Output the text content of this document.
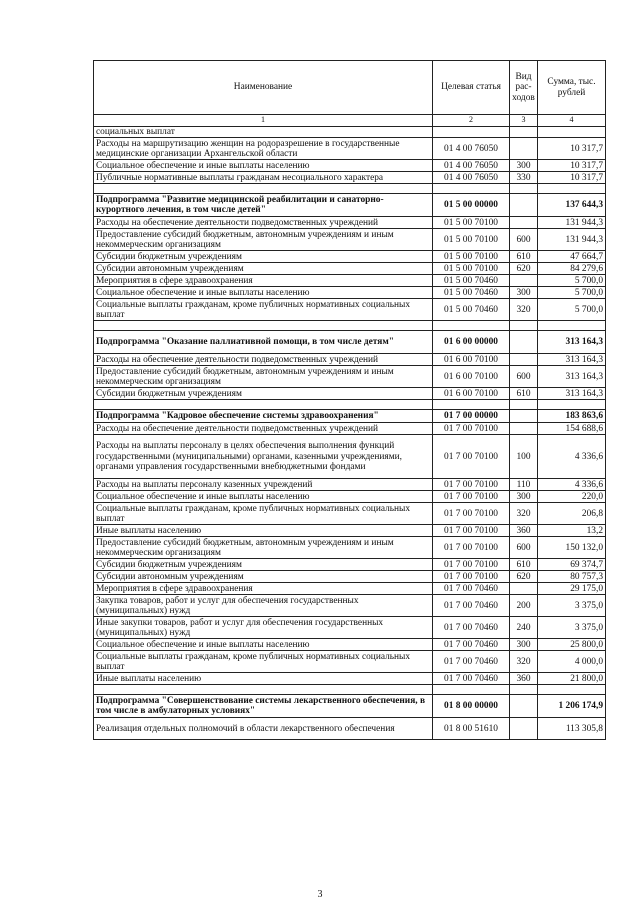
Наименование	Целевая статья	Вид рас-ходов	Сумма, тыс. рублей
1	2	3	4
социальных выплат			
Расходы на маршрутизацию женщин на родоразрешение в государственные медицинские организации Архангельской области	01 4 00 76050		10 317,7
Социальное обеспечение и иные выплаты населению	01 4 00 76050	300	10 317,7
Публичные нормативные выплаты гражданам несоциального характера	01 4 00 76050	330	10 317,7

Подпрограмма "Развитие медицинской реабилитации и санаторно-курортного лечения, в том числе детей"	01 5 00 00000		137 644,3
Расходы на обеспечение деятельности подведомственных учреждений	01 5 00 70100		131 944,3
Предоставление субсидий бюджетным, автономным учреждениям и иным некоммерческим организациям	01 5 00 70100	600	131 944,3
Субсидии бюджетным учреждениям	01 5 00 70100	610	47 664,7
Субсидии автономным учреждениям	01 5 00 70100	620	84 279,6
Мероприятия в сфере здравоохранения	01 5 00 70460		5 700,0
Социальное обеспечение и иные выплаты населению	01 5 00 70460	300	5 700,0
Социальные выплаты гражданам, кроме публичных нормативных социальных выплат	01 5 00 70460	320	5 700,0

Подпрограмма "Оказание паллиативной помощи, в том числе детям"	01 6 00 00000		313 164,3
Расходы на обеспечение деятельности подведомственных учреждений	01 6 00 70100		313 164,3
Предоставление субсидий бюджетным, автономным учреждениям и иным некоммерческим организациям	01 6 00 70100	600	313 164,3
Субсидии бюджетным учреждениям	01 6 00 70100	610	313 164,3

Подпрограмма "Кадровое обеспечение системы здравоохранения"	01 7 00 00000		183 863,6
Расходы на обеспечение деятельности подведомственных учреждений	01 7 00 70100		154 688,6
Расходы на выплаты персоналу в целях обеспечения выполнения функций государственными (муниципальными) органами, казенными учреждениями, органами управления государственными внебюджетными фондами	01 7 00 70100	100	4 336,6
Расходы на выплаты персоналу казенных учреждений	01 7 00 70100	110	4 336,6
Социальное обеспечение и иные выплаты населению	01 7 00 70100	300	220,0
Социальные выплаты гражданам, кроме публичных нормативных социальных выплат	01 7 00 70100	320	206,8
Иные выплаты населению	01 7 00 70100	360	13,2
Предоставление субсидий бюджетным, автономным учреждениям и иным некоммерческим организациям	01 7 00 70100	600	150 132,0
Субсидии бюджетным учреждениям	01 7 00 70100	610	69 374,7
Субсидии автономным учреждениям	01 7 00 70100	620	80 757,3
Мероприятия в сфере здравоохранения	01 7 00 70460		29 175,0
Закупка товаров, работ и услуг для обеспечения государственных (муниципальных) нужд	01 7 00 70460	200	3 375,0
Иные закупки товаров, работ и услуг для обеспечения государственных (муниципальных) нужд	01 7 00 70460	240	3 375,0
Социальное обеспечение и иные выплаты населению	01 7 00 70460	300	25 800,0
Социальные выплаты гражданам, кроме публичных нормативных социальных выплат	01 7 00 70460	320	4 000,0
Иные выплаты населению	01 7 00 70460	360	21 800,0

Подпрограмма "Совершенствование системы лекарственного обеспечения, в том числе в амбулаторных условиях"	01 8 00 00000		1 206 174,9
Реализация отдельных полномочий в области лекарственного обеспечения	01 8 00 51610		113 305,8
3
